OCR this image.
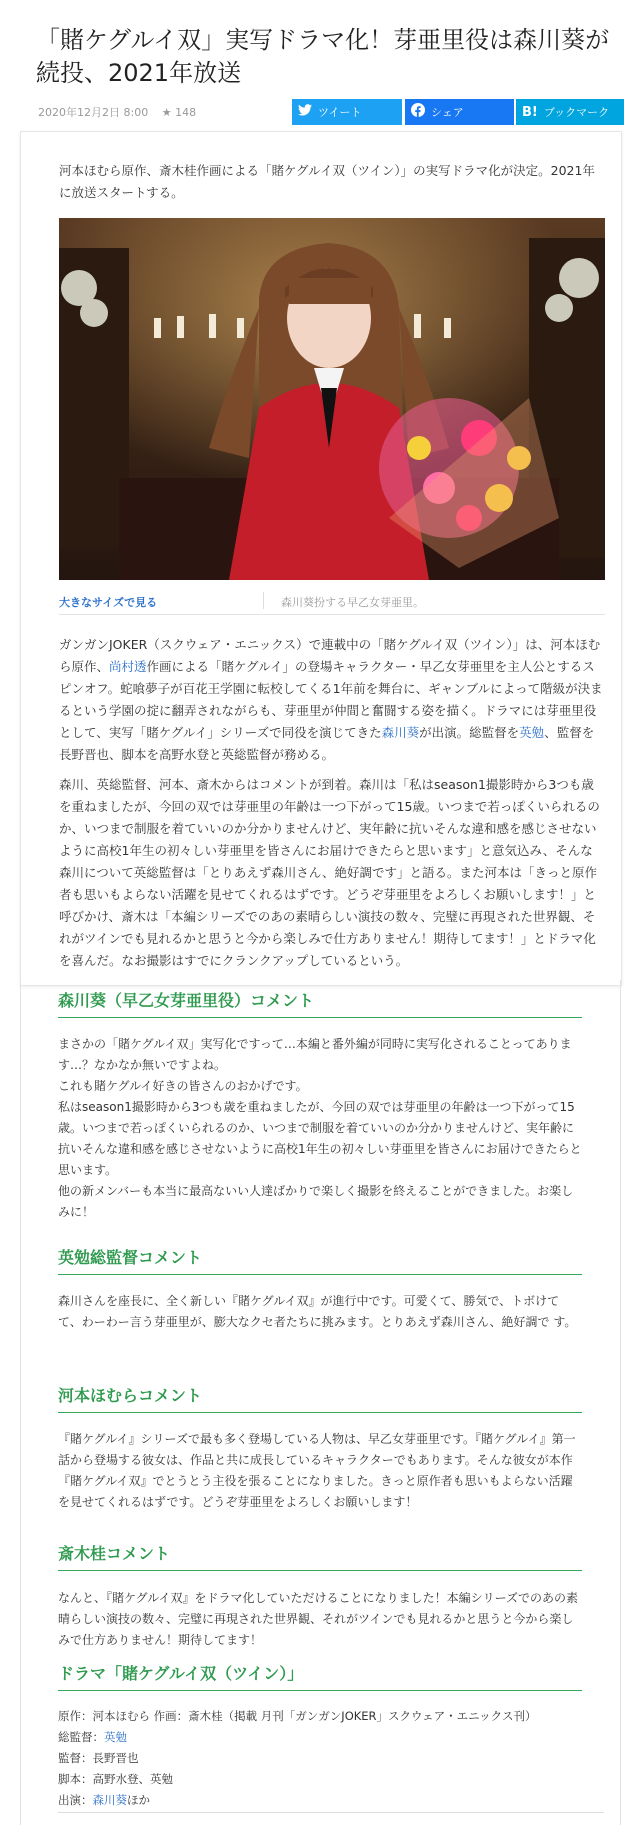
「賭ケグルイ双」実写ドラマ化！芽亜里役は森川葵が続投、2021年放送
2020年12月2日 8:00 ★ 148	ツイート	シェア	B! ブックマーク
河本ほむら原作、斎木桂作画による「賭ケグルイ双（ツイン）」の実写ドラマ化が決定。2021年に放送スタートする。
大きなサイズで見る	森川葵扮する早乙女芽亜里。
ガンガンJOKER（スクウェア・エニックス）で連載中の「賭ケグルイ双（ツイン）」は、河本ほむら原作、尚村透作画による「賭ケグルイ」の登場キャラクター・早乙女芽亜里を主人公とするスピンオフ。蛇喰夢子が百花王学園に転校してくる1年前を舞台に、ギャンブルによって階級が決まるという学園の掟に翻弄されながらも、芽亜里が仲間と奮闘する姿を描く。ドラマには芽亜里役として、実写「賭ケグルイ」シリーズで同役を演じてきた森川葵が出演。総監督を英勉、監督を長野晋也、脚本を高野水登と英総監督が務める。
森川、英総監督、河本、斎木からはコメントが到着。森川は「私はseason1撮影時から3つも歳を重ねましたが、今回の双では芽亜里の年齢は一つ下がって15歳。いつまで若っぽくいられるのか、いつまで制服を着ていいのか分かりませんけど、実年齢に抗いそんな違和感を感じさせないように高校1年生の初々しい芽亜里を皆さんにお届けできたらと思います」と意気込み、そんな森川について英総監督は「とりあえず森川さん、絶好調です」と語る。また河本は「きっと原作者も思いもよらない活躍を見せてくれるはずです。どうぞ芽亜里をよろしくお願いします！」と呼びかけ、斎木は「本編シリーズでのあの素晴らしい演技の数々、完璧に再現された世界観、それがツインでも見れるかと思うと今から楽しみで仕方ありません！期待してます！」とドラマ化を喜んだ。なお撮影はすでにクランクアップしているという。
森川葵（早乙女芽亜里役）コメント
まさかの「賭ケグルイ双」実写化ですって…本編と番外編が同時に実写化されることってあります…？なかなか無いですよね。
これも賭ケグルイ好きの皆さんのおかげです。
私はseason1撮影時から3つも歳を重ねましたが、今回の双では芽亜里の年齢は一つ下がって15歳。いつまで若っぽくいられるのか、いつまで制服を着ていいのか分かりませんけど、実年齢に抗いそんな違和感を感じさせないように高校1年生の初々しい芽亜里を皆さんにお届けできたらと思います。
他の新メンバーも本当に最高ないい人達ばかりで楽しく撮影を終えることができました。お楽しみに！
英勉総監督コメント
森川さんを座長に、全く新しい『賭ケグルイ双』が進行中です。可愛くて、勝気で、トボけて て、わーわー言う芽亜里が、膨大なクセ者たちに挑みます。とりあえず森川さん、絶好調で す。
河本ほむらコメント
『賭ケグルイ』シリーズで最も多く登場している人物は、早乙女芽亜里です。『賭ケグルイ』第一話から登場する彼女は、作品と共に成長しているキャラクターでもあります。そんな彼女が本作『賭ケグルイ双』でとうとう主役を張ることになりました。きっと原作者も思いもよらない活躍を見せてくれるはずです。どうぞ芽亜里をよろしくお願いします！
斎木桂コメント
なんと、『賭ケグルイ双』をドラマ化していただけることになりました！本編シリーズでのあの素晴らしい演技の数々、完璧に再現された世界観、それがツインでも見れるかと思うと今から楽しみで仕方ありません！期待してます！
ドラマ「賭ケグルイ双（ツイン）」
原作：河本ほむら 作画：斎木桂（掲載 月刊「ガンガンJOKER」スクウェア・エニックス刊）
総監督：英勉
監督：長野晋也
脚本：高野水登、英勉
出演：森川葵ほか
